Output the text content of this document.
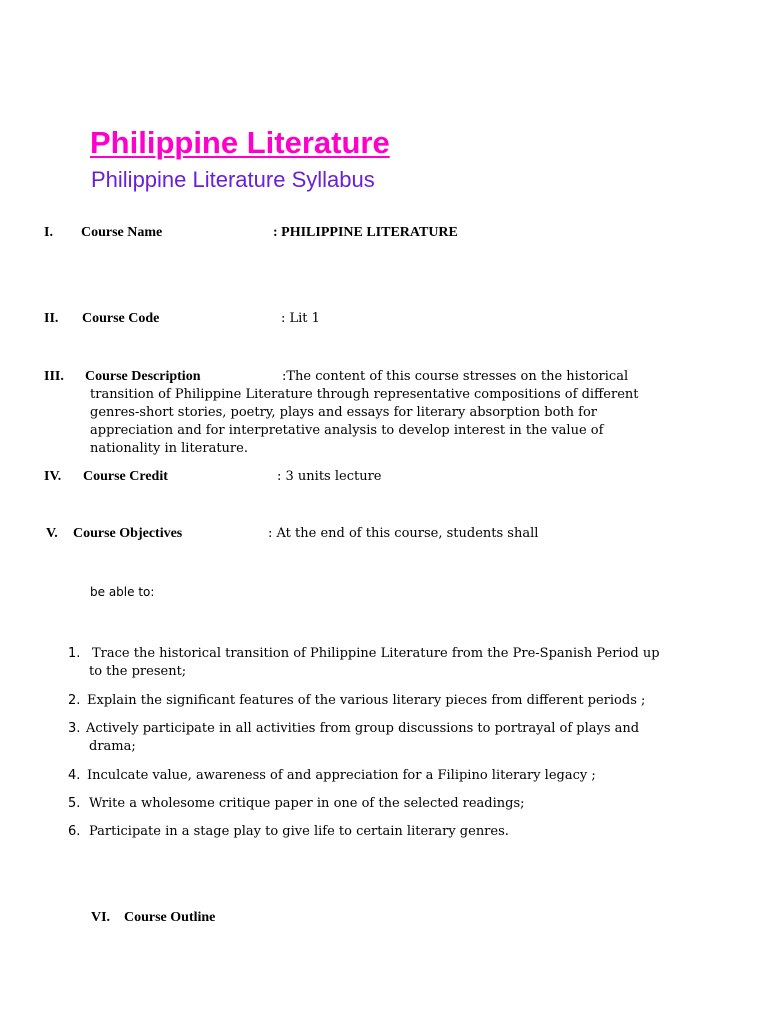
Philippine Literature
Philippine Literature Syllabus
I. Course Name	: PHILIPPINE LITERATURE
II. Course Code	: Lit 1
III. Course Description	:The content of this course stresses on the historical
transition of Philippine Literature through representative compositions of different
genres-short stories, poetry, plays and essays for literary absorption both for
appreciation and for interpretative analysis to develop interest in the value of
nationality in literature.
IV. Course Credit	: 3 units lecture
V. Course Objectives	: At the end of this course, students shall
be able to:
1. Trace the historical transition of Philippine Literature from the Pre-Spanish Period up
to the present;
2. Explain the significant features of the various literary pieces from different periods ;
3. Actively participate in all activities from group discussions to portrayal of plays and
drama;
4. Inculcate value, awareness of and appreciation for a Filipino literary legacy ;
5. Write a wholesome critique paper in one of the selected readings;
6. Participate in a stage play to give life to certain literary genres.
VI. Course Outline
